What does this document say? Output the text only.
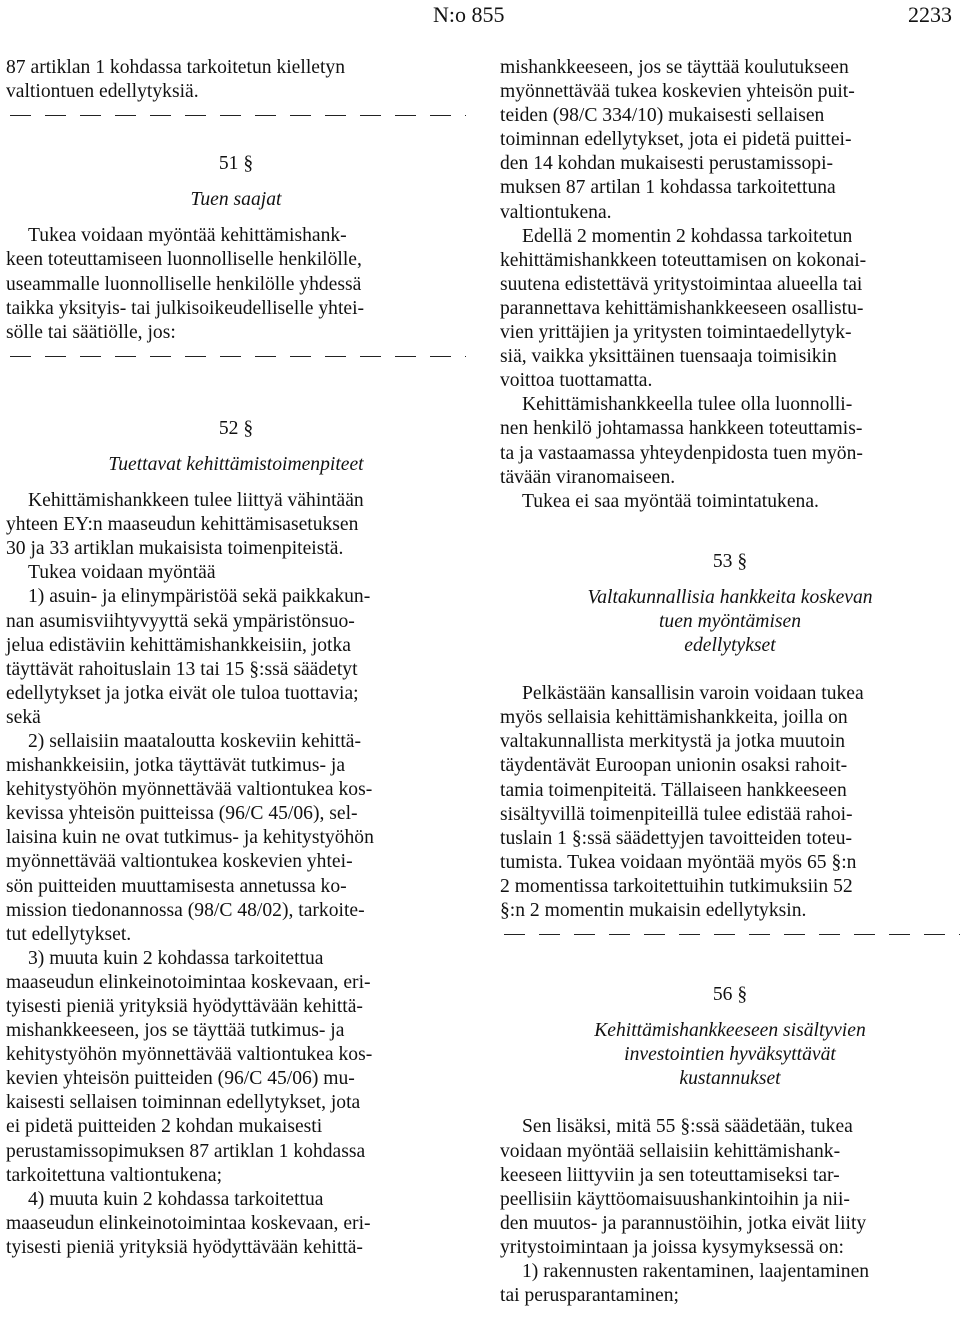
N:o 855	2233

87 artiklan 1 kohdassa tarkoitetun kielletyn

valtiontuen edellytyksiä.

51 §

Tuen saajat

Tukea voidaan myöntää kehittämishank-

keen toteuttamiseen luonnolliselle henkilölle,

useammalle luonnolliselle henkilölle yhdessä

taikka yksityis- tai julkisoikeudelliselle yhtei-

sölle tai säätiölle, jos:

52 §

Tuettavat kehittämistoimenpiteet

Kehittämishankkeen tulee liittyä vähintään

yhteen EY:n maaseudun kehittämisasetuksen

30 ja 33 artiklan mukaisista toimenpiteistä.

Tukea voidaan myöntää

1) asuin- ja elinympäristöä sekä paikkakun-

nan asumisviihtyvyyttä sekä ympäristönsuo-

jelua edistäviin kehittämishankkeisiin, jotka

täyttävät rahoituslain 13 tai 15 §:ssä säädetyt

edellytykset ja jotka eivät ole tuloa tuottavia;

sekä

2) sellaisiin maataloutta koskeviin kehittä-

mishankkeisiin, jotka täyttävät tutkimus- ja

kehitystyöhön myönnettävää valtiontukea kos-

kevissa yhteisön puitteissa (96/C 45/06), sel-

laisina kuin ne ovat tutkimus- ja kehitystyöhön

myönnettävää valtiontukea koskevien yhtei-

sön puitteiden muuttamisesta annetussa ko-

mission tiedonannossa (98/C 48/02), tarkoite-

tut edellytykset.

3) muuta kuin 2 kohdassa tarkoitettua

maaseudun elinkeinotoimintaa koskevaan, eri-

tyisesti pieniä yrityksiä hyödyttävään kehittä-

mishankkeeseen, jos se täyttää tutkimus- ja

kehitystyöhön myönnettävää valtiontukea kos-

kevien yhteisön puitteiden (96/C 45/06) mu-

kaisesti sellaisen toiminnan edellytykset, jota

ei pidetä puitteiden 2 kohdan mukaisesti

perustamissopimuksen 87 artiklan 1 kohdassa

tarkoitettuna valtiontukena;

4) muuta kuin 2 kohdassa tarkoitettua

maaseudun elinkeinotoimintaa koskevaan, eri-

tyisesti pieniä yrityksiä hyödyttävään kehittä-

mishankkeeseen, jos se täyttää koulutukseen

myönnettävää tukea koskevien yhteisön puit-

teiden (98/C 334/10) mukaisesti sellaisen

toiminnan edellytykset, jota ei pidetä puittei-

den 14 kohdan mukaisesti perustamissopi-

muksen 87 artilan 1 kohdassa tarkoitettuna

valtiontukena.

Edellä 2 momentin 2 kohdassa tarkoitetun

kehittämishankkeen toteuttamisen on kokonai-

suutena edistettävä yritystoimintaa alueella tai

parannettava kehittämishankkeeseen osallistu-

vien yrittäjien ja yritysten toimintaedellytyk-

siä, vaikka yksittäinen tuensaaja toimisikin

voittoa tuottamatta.

Kehittämishankkeella tulee olla luonnolli-

nen henkilö johtamassa hankkeen toteuttamis-

ta ja vastaamassa yhteydenpidosta tuen myön-

tävään viranomaiseen.

Tukea ei saa myöntää toimintatukena.

53 §

Valtakunnallisia hankkeita koskevan

tuen myöntämisen

edellytykset

Pelkästään kansallisin varoin voidaan tukea

myös sellaisia kehittämishankkeita, joilla on

valtakunnallista merkitystä ja jotka muutoin

täydentävät Euroopan unionin osaksi rahoit-

tamia toimenpiteitä. Tällaiseen hankkeeseen

sisältyvillä toimenpiteillä tulee edistää rahoi-

tuslain 1 §:ssä säädettyjen tavoitteiden toteu-

tumista. Tukea voidaan myöntää myös 65 §:n

2 momentissa tarkoitettuihin tutkimuksiin 52

§:n 2 momentin mukaisin edellytyksin.

56 §

Kehittämishankkeeseen sisältyvien

investointien hyväksyttävät

kustannukset

Sen lisäksi, mitä 55 §:ssä säädetään, tukea

voidaan myöntää sellaisiin kehittämishank-

keeseen liittyviin ja sen toteuttamiseksi tar-

peellisiin käyttöomaisuushankintoihin ja nii-

den muutos- ja parannustöihin, jotka eivät liity

yritystoimintaan ja joissa kysymyksessä on:

1) rakennusten rakentaminen, laajentaminen

tai perusparantaminen;
